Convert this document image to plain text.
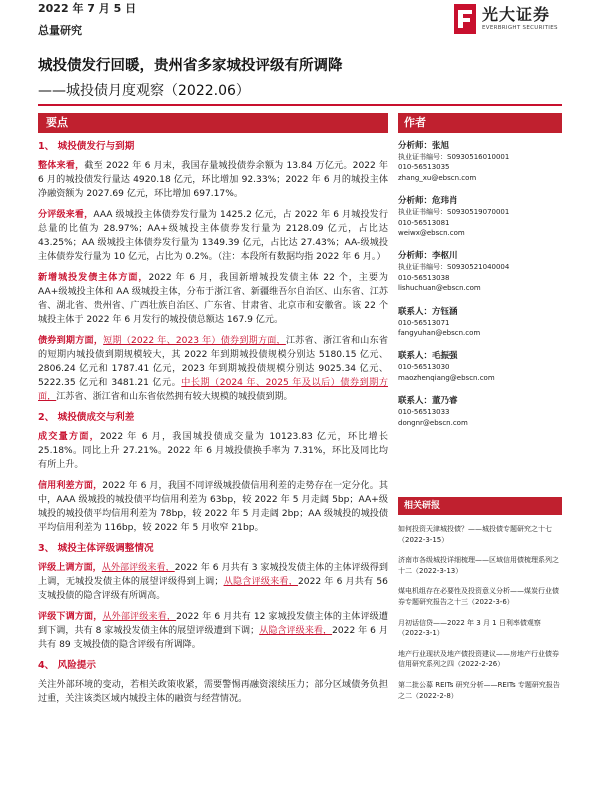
2022 年 7 月 5 日
总量研究
光大证券
EVERBRIGHT SECURITIES
城投债发行回暖，贵州省多家城投评级有所调降
——城投债月度观察（2022.06）
要点	作者
1、 城投债发行与到期

整体来看，截至 2022 年 6 月末，我国存量城投债券余额为 13.84 万亿元。2022 年 6 月的城投债发行量达 4920.18 亿元，环比增加 92.33%；2022 年 6 月的城投主体净融资额为 2027.69 亿元，环比增加 697.17%。

分评级来看，AAA 级城投主体债券发行量为 1425.2 亿元，占 2022 年 6 月城投发行总量的比值为 28.97%；AA+级城投主体债券发行量为 2128.09 亿元，占比达 43.25%；AA 级城投主体债券发行量为 1349.39 亿元，占比达 27.43%；AA-级城投主体债券发行量为 10 亿元，占比为 0.2%。（注：本段所有数据均指 2022 年 6 月。）

新增城投发债主体方面，2022 年 6 月，我国新增城投发债主体 22 个，主要为 AA+级城投主体和 AA 级城投主体，分布于浙江省、新疆维吾尔自治区、山东省、江苏省、湖北省、贵州省、广西壮族自治区、广东省、甘肃省、北京市和安徽省。该 22 个城投主体于 2022 年 6 月发行的城投债总额达 167.9 亿元。

债券到期方面，短期（2022 年、2023 年）债券到期方面，江苏省、浙江省和山东省的短期内城投债到期规模较大，其 2022 年到期城投债规模分别达 5180.15 亿元、2806.24 亿元和 1787.41 亿元，2023 年到期城投债规模分别达 9025.34 亿元、5222.35 亿元和 3481.21 亿元。中长期（2024 年、2025 年及以后）债券到期方面，江苏省、浙江省和山东省依然拥有较大规模的城投债到期。

2、 城投债成交与利差

成交量方面，2022 年 6 月，我国城投债成交量为 10123.83 亿元，环比增长 25.18%。同比上升 27.21%。2022 年 6 月城投债换手率为 7.31%，环比及同比均有所上升。

信用利差方面，2022 年 6 月，我国不同评级城投债信用利差的走势存在一定分化。其中，AAA 级城投的城投债平均信用利差为 63bp，较 2022 年 5 月走阔 5bp；AA+级城投的城投债平均信用利差为 78bp，较 2022 年 5 月走阔 2bp；AA 级城投的城投债平均信用利差为 116bp，较 2022 年 5 月收窄 21bp。

3、 城投主体评级调整情况

评级上调方面，从外部评级来看，2022 年 6 月共有 3 家城投发债主体的主体评级得到上调，无城投发债主体的展望评级得到上调；从隐含评级来看，2022 年 6 月共有 56 支城投债的隐含评级有所调高。

评级下调方面，从外部评级来看，2022 年 6 月共有 12 家城投发债主体的主体评级遭到下调，共有 8 家城投发债主体的展望评级遭到下调；从隐含评级来看，2022 年 6 月共有 89 支城投债的隐含评级有所调降。

4、 风险提示

关注外部环境的变动，若相关政策收紧，需要警惕再融资滚续压力；部分区域债务负担过重，关注该类区域内城投主体的融资与经营情况。

分析师：张旭
执业证书编号：S0930516010001
010-56513035
zhang_xu@ebscn.com
分析师：危玮肖
执业证书编号：S0930519070001
010-56513081
weiwx@ebscn.com
分析师：李枢川
执业证书编号：S0930521040004
010-56513038
lishuchuan@ebscn.com
联系人：方钰涵
010-56513071
fangyuhan@ebscn.com
联系人：毛振强
010-56513030
maozhenqiang@ebscn.com
联系人：董乃睿
010-56513033
dongnr@ebscn.com
相关研报
如何投资天津城投债？——城投债专题研究之十七（2022-3-15）
济南市各级城投详细梳理——区域信用债梳理系列之十二（2022-3-13）
煤电机组存在必要性及投资意义分析——煤炭行业债券专题研究报告之十三（2022-3-6）
月初话信贷——2022 年 3 月 1 日利率债观察（2022-3-1）
地产行业现状及地产债投资建议——房地产行业债券信用研究系列之四（2022-2-26）
第二批公募 REITs 研究分析——REITs 专题研究报告之二（2022-2-8）
